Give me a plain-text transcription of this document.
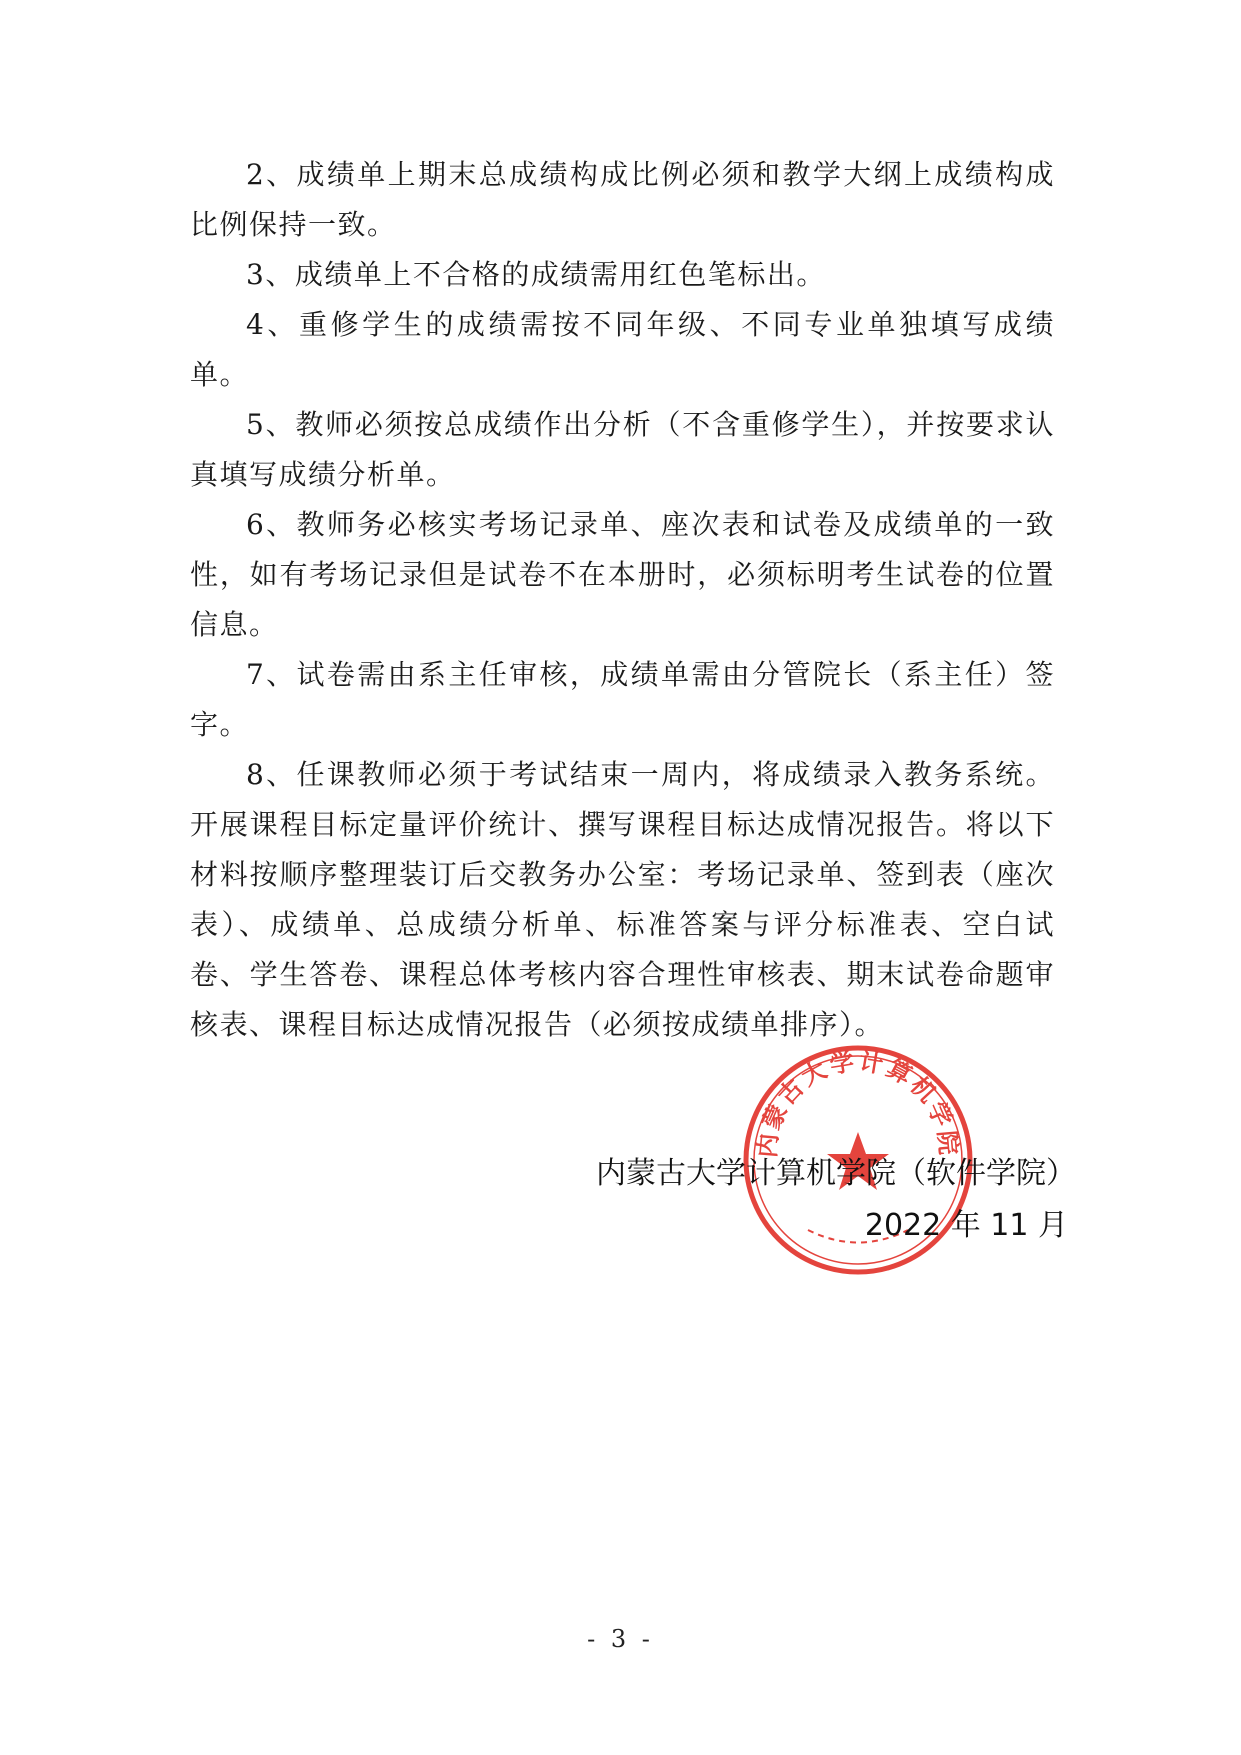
2、成绩单上期末总成绩构成比例必须和教学大纲上成绩构成比例保持一致。

3、成绩单上不合格的成绩需用红色笔标出。

4、重修学生的成绩需按不同年级、不同专业单独填写成绩单。

5、教师必须按总成绩作出分析（不含重修学生），并按要求认真填写成绩分析单。

6、教师务必核实考场记录单、座次表和试卷及成绩单的一致性，如有考场记录但是试卷不在本册时，必须标明考生试卷的位置信息。

7、试卷需由系主任审核，成绩单需由分管院长（系主任）签字。

8、任课教师必须于考试结束一周内，将成绩录入教务系统。开展课程目标定量评价统计、撰写课程目标达成情况报告。将以下材料按顺序整理装订后交教务办公室：考场记录单、签到表（座次表）、成绩单、总成绩分析单、标准答案与评分标准表、空白试卷、学生答卷、课程总体考核内容合理性审核表、期末试卷命题审核表、课程目标达成情况报告（必须按成绩单排序）。

内蒙古大学计算机学院
内蒙古大学计算机学院（软件学院）
2022 年 11 月
- 3 -
